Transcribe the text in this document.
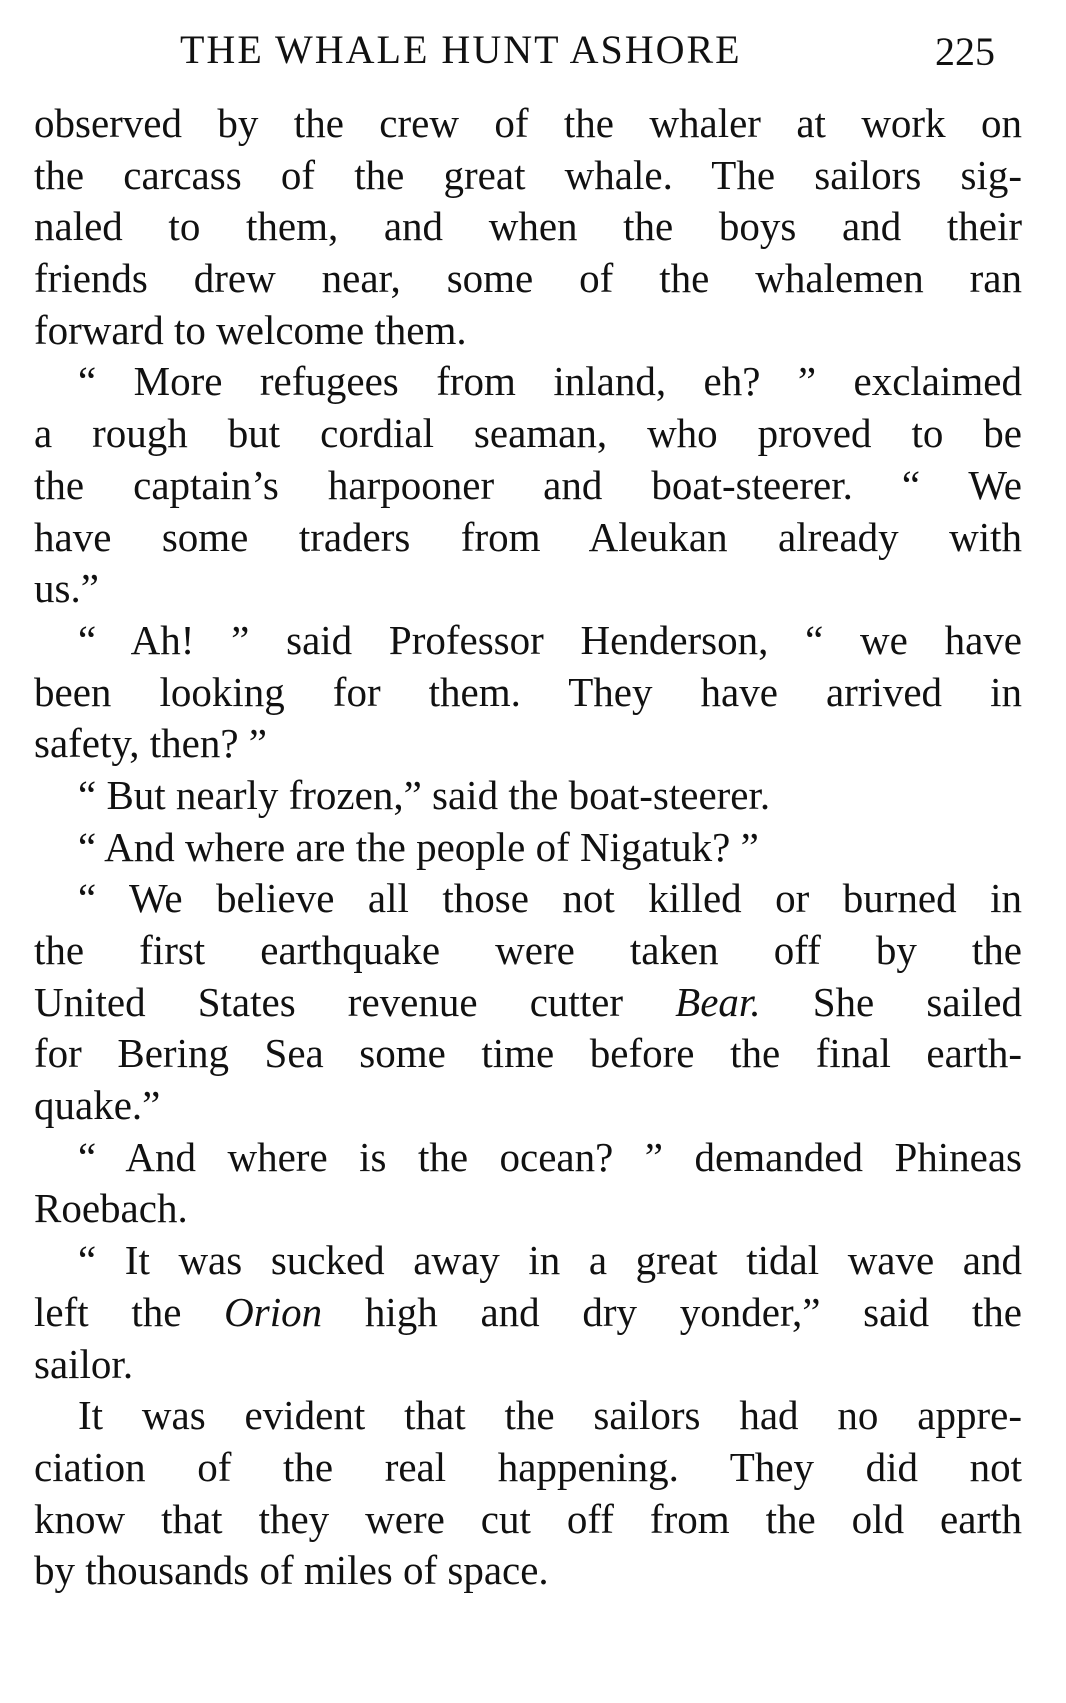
THE WHALE HUNT ASHORE	225
observed by the crew of the whaler at work on
the carcass of the great whale. The sailors sig-
naled to them, and when the boys and their
friends drew near, some of the whalemen ran
forward to welcome them.
“ More refugees from inland, eh? ” exclaimed
a rough but cordial seaman, who proved to be
the captain’s harpooner and boat-steerer. “ We
have some traders from Aleukan already with
us.”
“ Ah! ” said Professor Henderson, “ we have
been looking for them. They have arrived in
safety, then? ”
“ But nearly frozen,” said the boat-steerer.
“ And where are the people of Nigatuk? ”
“ We believe all those not killed or burned in
the first earthquake were taken off by the
United States revenue cutter Bear. She sailed
for Bering Sea some time before the final earth-
quake.”
“ And where is the ocean? ” demanded Phineas
Roebach.
“ It was sucked away in a great tidal wave and
left the Orion high and dry yonder,” said the
sailor.
It was evident that the sailors had no appre-
ciation of the real happening. They did not
know that they were cut off from the old earth
by thousands of miles of space.
